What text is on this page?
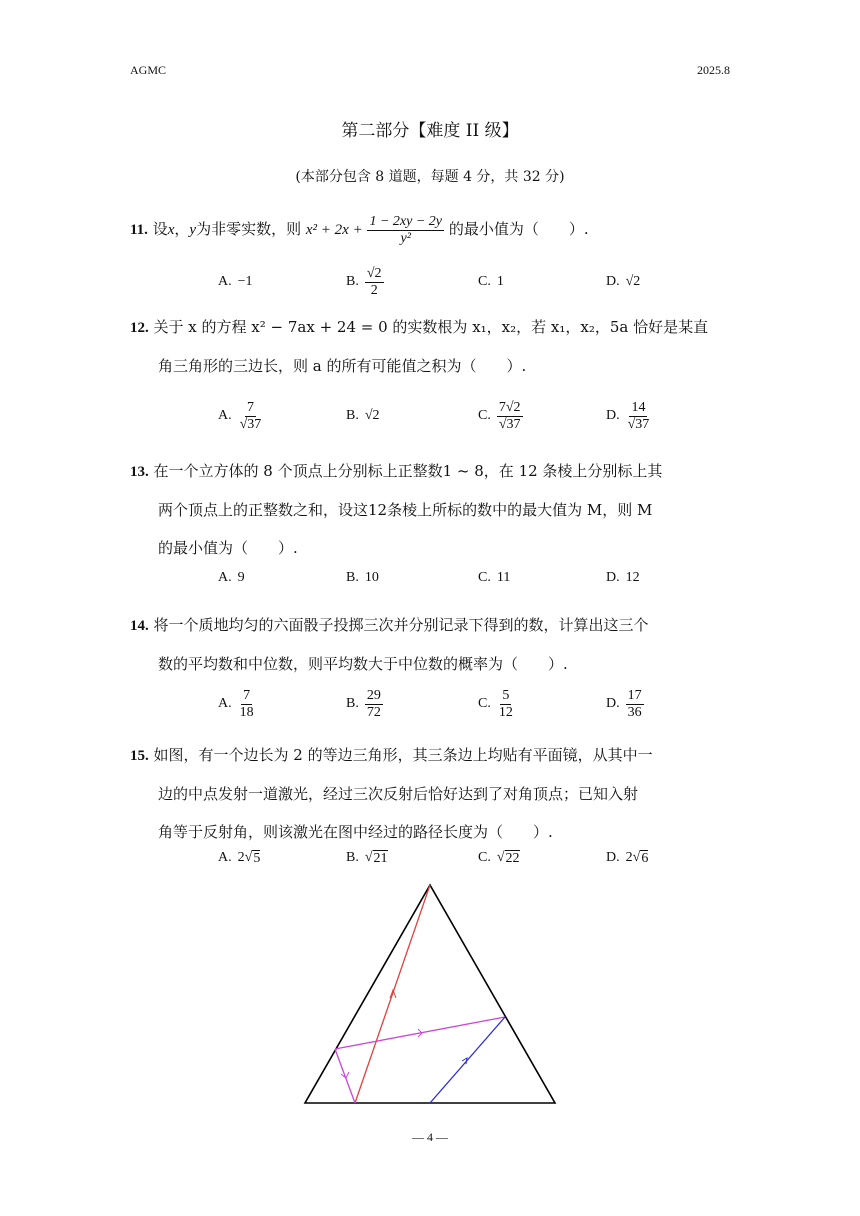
AGMC	2025.8
第二部分【难度 II 级】
(本部分包含 8 道题，每题 4 分，共 32 分)
11. 设x，y为非零实数，则 $x^2 + 2x + \frac{1 - 2xy - 2y}{\text{y²}}$ 的最小值为（　　）.
A. −1	B. $\frac{√2}{2}$	C. 1	D. √2
12. 关于 x 的方程 x² − 7ax + 24 = 0 的实数根为 x₁，x₂，若 x₁，x₂，5a 恰好是某直
角三角形的三边长，则 a 的所有可能值之积为（　　）.
A. $\frac{7}{√37}$	B. √2	C. $\frac{7√2}{√37}$	D. $\frac{14}{√37}$
13. 在一个立方体的 8 个顶点上分别标上正整数1 ~ 8，在 12 条棱上分别标上其
两个顶点上的正整数之和，设这12条棱上所标的数中的最大值为 M，则 M
的最小值为（　　）.
A. 9	B. 10	C. 11	D. 12
14. 将一个质地均匀的六面骰子投掷三次并分别记录下得到的数，计算出这三个
数的平均数和中位数，则平均数大于中位数的概率为（　　）.
A. $\frac{7}{18}$	B. $\frac{29}{72}$	C. $\frac{5}{12}$	D. $\frac{17}{36}$
15. 如图，有一个边长为 2 的等边三角形，其三条边上均贴有平面镜，从其中一
边的中点发射一道激光，经过三次反射后恰好达到了对角顶点；已知入射
角等于反射角，则该激光在图中经过的路径长度为（　　）.
A. 2 √ 5	B. √ 21	C. √ 22	D. 2 √ 6
— 4 —
